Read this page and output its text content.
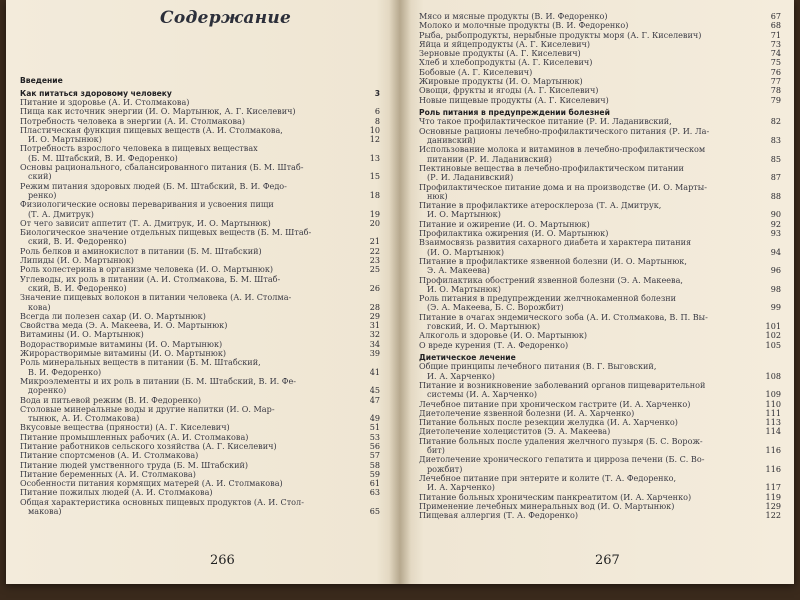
Содержание
Введение
Как питаться здоровому человеку	3
Питание и здоровье (А. И. Столмакова)
Пища как источник энергии (И. О. Мартынюк, А. Г. Киселевич)	6
Потребность человека в энергии (А. И. Столмакова)	8
Пластическая функция пищевых веществ (А. И. Столмакова,	10
И. О. Мартынюк)	12
Потребность взрослого человека в пищевых веществах
(Б. М. Штабский, В. И. Федоренко)	13
Основы рационального, сбалансированного питания (Б. М. Штаб-
ский)	15
Режим питания здоровых людей (Б. М. Штабский, В. И. Федо-
ренко)	18
Физиологические основы переваривания и усвоения пищи
(Т. А. Дмитрук)	19
От чего зависит аппетит (Т. А. Дмитрук, И. О. Мартынюк)	20
Биологическое значение отдельных пищевых веществ (Б. М. Штаб-
ский, В. И. Федоренко)	21
Роль белков и аминокислот в питании (Б. М. Штабский)	22
Липиды (И. О. Мартынюк)	23
Роль холестерина в организме человека (И. О. Мартынюк)	25
Углеводы, их роль в питании (А. И. Столмакова, Б. М. Штаб-
ский, В. И. Федоренко)	26
Значение пищевых волокон в питании человека (А. И. Столма-
кова)	28
Всегда ли полезен сахар (И. О. Мартынюк)	29
Свойства меда (Э. А. Макеева, И. О. Мартынюк)	31
Витамины (И. О. Мартынюк)	32
Водорастворимые витамины (И. О. Мартынюк)	34
Жирорастворимые витамины (И. О. Мартынюк)	39
Роль минеральных веществ в питании (Б. М. Штабский,
В. И. Федоренко)	41
Микроэлементы и их роль в питании (Б. М. Штабский, В. И. Фе-
доренко)	45
Вода и питьевой режим (В. И. Федоренко)	47
Столовые минеральные воды и другие напитки (И. О. Мар-
тынюк, А. И. Столмакова)	49
Вкусовые вещества (пряности) (А. Г. Киселевич)	51
Питание промышленных рабочих (А. И. Столмакова)	53
Питание работников сельского хозяйства (А. Г. Киселевич)	56
Питание спортсменов (А. И. Столмакова)	57
Питание людей умственного труда (Б. М. Штабский)	58
Питание беременных (А. И. Столмакова)	59
Особенности питания кормящих матерей (А. И. Столмакова)	61
Питание пожилых людей (А. И. Столмакова)	63
Общая характеристика основных пищевых продуктов (А. И. Стол-
макова)	65
266
Мясо и мясные продукты (В. И. Федоренко)	67
Молоко и молочные продукты (В. И. Федоренко)	68
Рыба, рыбопродукты, нерыбные продукты моря (А. Г. Киселевич)	71
Яйца и яйцепродукты (А. Г. Киселевич)	73
Зерновые продукты (А. Г. Киселевич)	74
Хлеб и хлебопродукты (А. Г. Киселевич)	75
Бобовые (А. Г. Киселевич)	76
Жировые продукты (И. О. Мартынюк)	77
Овощи, фрукты и ягоды (А. Г. Киселевич)	78
Новые пищевые продукты (А. Г. Киселевич)	79
Роль питания в предупреждении болезней
Что такое профилактическое питание (Р. И. Ладанивский,	82
Основные рационы лечебно-профилактического питания (Р. И. Ла-
данивский)	83
Использование молока и витаминов в лечебно-профилактическом
питании (Р. И. Ладанивский)	85
Пектиновые вещества в лечебно-профилактическом питании
(Р. И. Ладанивский)	87
Профилактическое питание дома и на производстве (И. О. Марты-
нюк)	88
Питание в профилактике атеросклероза (Т. А. Дмитрук,
И. О. Мартынюк)	90
Питание и ожирение (И. О. Мартынюк)	92
Профилактика ожирения (И. О. Мартынюк)	93
Взаимосвязь развития сахарного диабета и характера питания
(И. О. Мартынюк)	94
Питание в профилактике язвенной болезни (И. О. Мартынюк,
Э. А. Макеева)	96
Профилактика обострений язвенной болезни (Э. А. Макеева,
И. О. Мартынюк)	98
Роль питания в предупреждении желчнокаменной болезни
(Э. А. Макеева, Б. С. Ворожбит)	99
Питание в очагах эндемического зоба (А. И. Столмакова, В. П. Вы-
говский, И. О. Мартынюк)	101
Алкоголь и здоровье (И. О. Мартынюк)	102
О вреде курения (Т. А. Федоренко)	105
Диетическое лечение
Общие принципы лечебного питания (В. Г. Выговский,
И. А. Харченко)	108
Питание и возникновение заболеваний органов пищеварительной
системы (И. А. Харченко)	109
Лечебное питание при хроническом гастрите (И. А. Харченко)	110
Диетолечение язвенной болезни (И. А. Харченко)	111
Питание больных после резекции желудка (И. А. Харченко)	113
Диетолечение холециститов (Э. А. Макеева)	114
Питание больных после удаления желчного пузыря (Б. С. Ворож-
бит)	116
Диетолечение хронического гепатита и цирроза печени (Б. С. Во-
рожбит)	116
Лечебное питание при энтерите и колите (Т. А. Федоренко,
И. А. Харченко)	117
Питание больных хроническим панкреатитом (И. А. Харченко)	119
Применение лечебных минеральных вод (И. О. Мартынюк)	129
Пищевая аллергия (Т. А. Федоренко)	122
267
